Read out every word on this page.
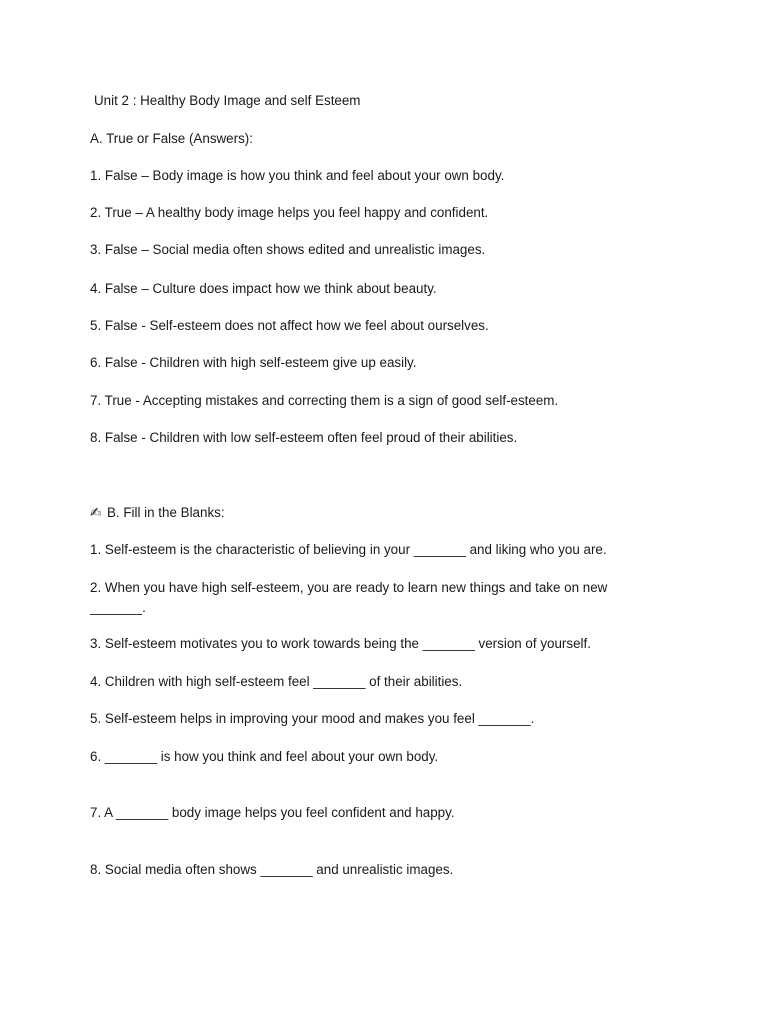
Unit 2 : Healthy Body Image and self Esteem
A. True or False (Answers):
1. False – Body image is how you think and feel about your own body.
2. True – A healthy body image helps you feel happy and confident.
3. False – Social media often shows edited and unrealistic images.
4. False – Culture does impact how we think about beauty.
5. False - Self-esteem does not affect how we feel about ourselves.
6. False - Children with high self-esteem give up easily.
7. True - Accepting mistakes and correcting them is a sign of good self-esteem.
8. False - Children with low self-esteem often feel proud of their abilities.
✍ B. Fill in the Blanks:
1. Self-esteem is the characteristic of believing in your _______ and liking who you are.
2. When you have high self-esteem, you are ready to learn new things and take on new _______.
3. Self-esteem motivates you to work towards being the _______ version of yourself.
4. Children with high self-esteem feel _______ of their abilities.
5. Self-esteem helps in improving your mood and makes you feel _______.
6. _______ is how you think and feel about your own body.
7. A _______ body image helps you feel confident and happy.
8. Social media often shows _______ and unrealistic images.
